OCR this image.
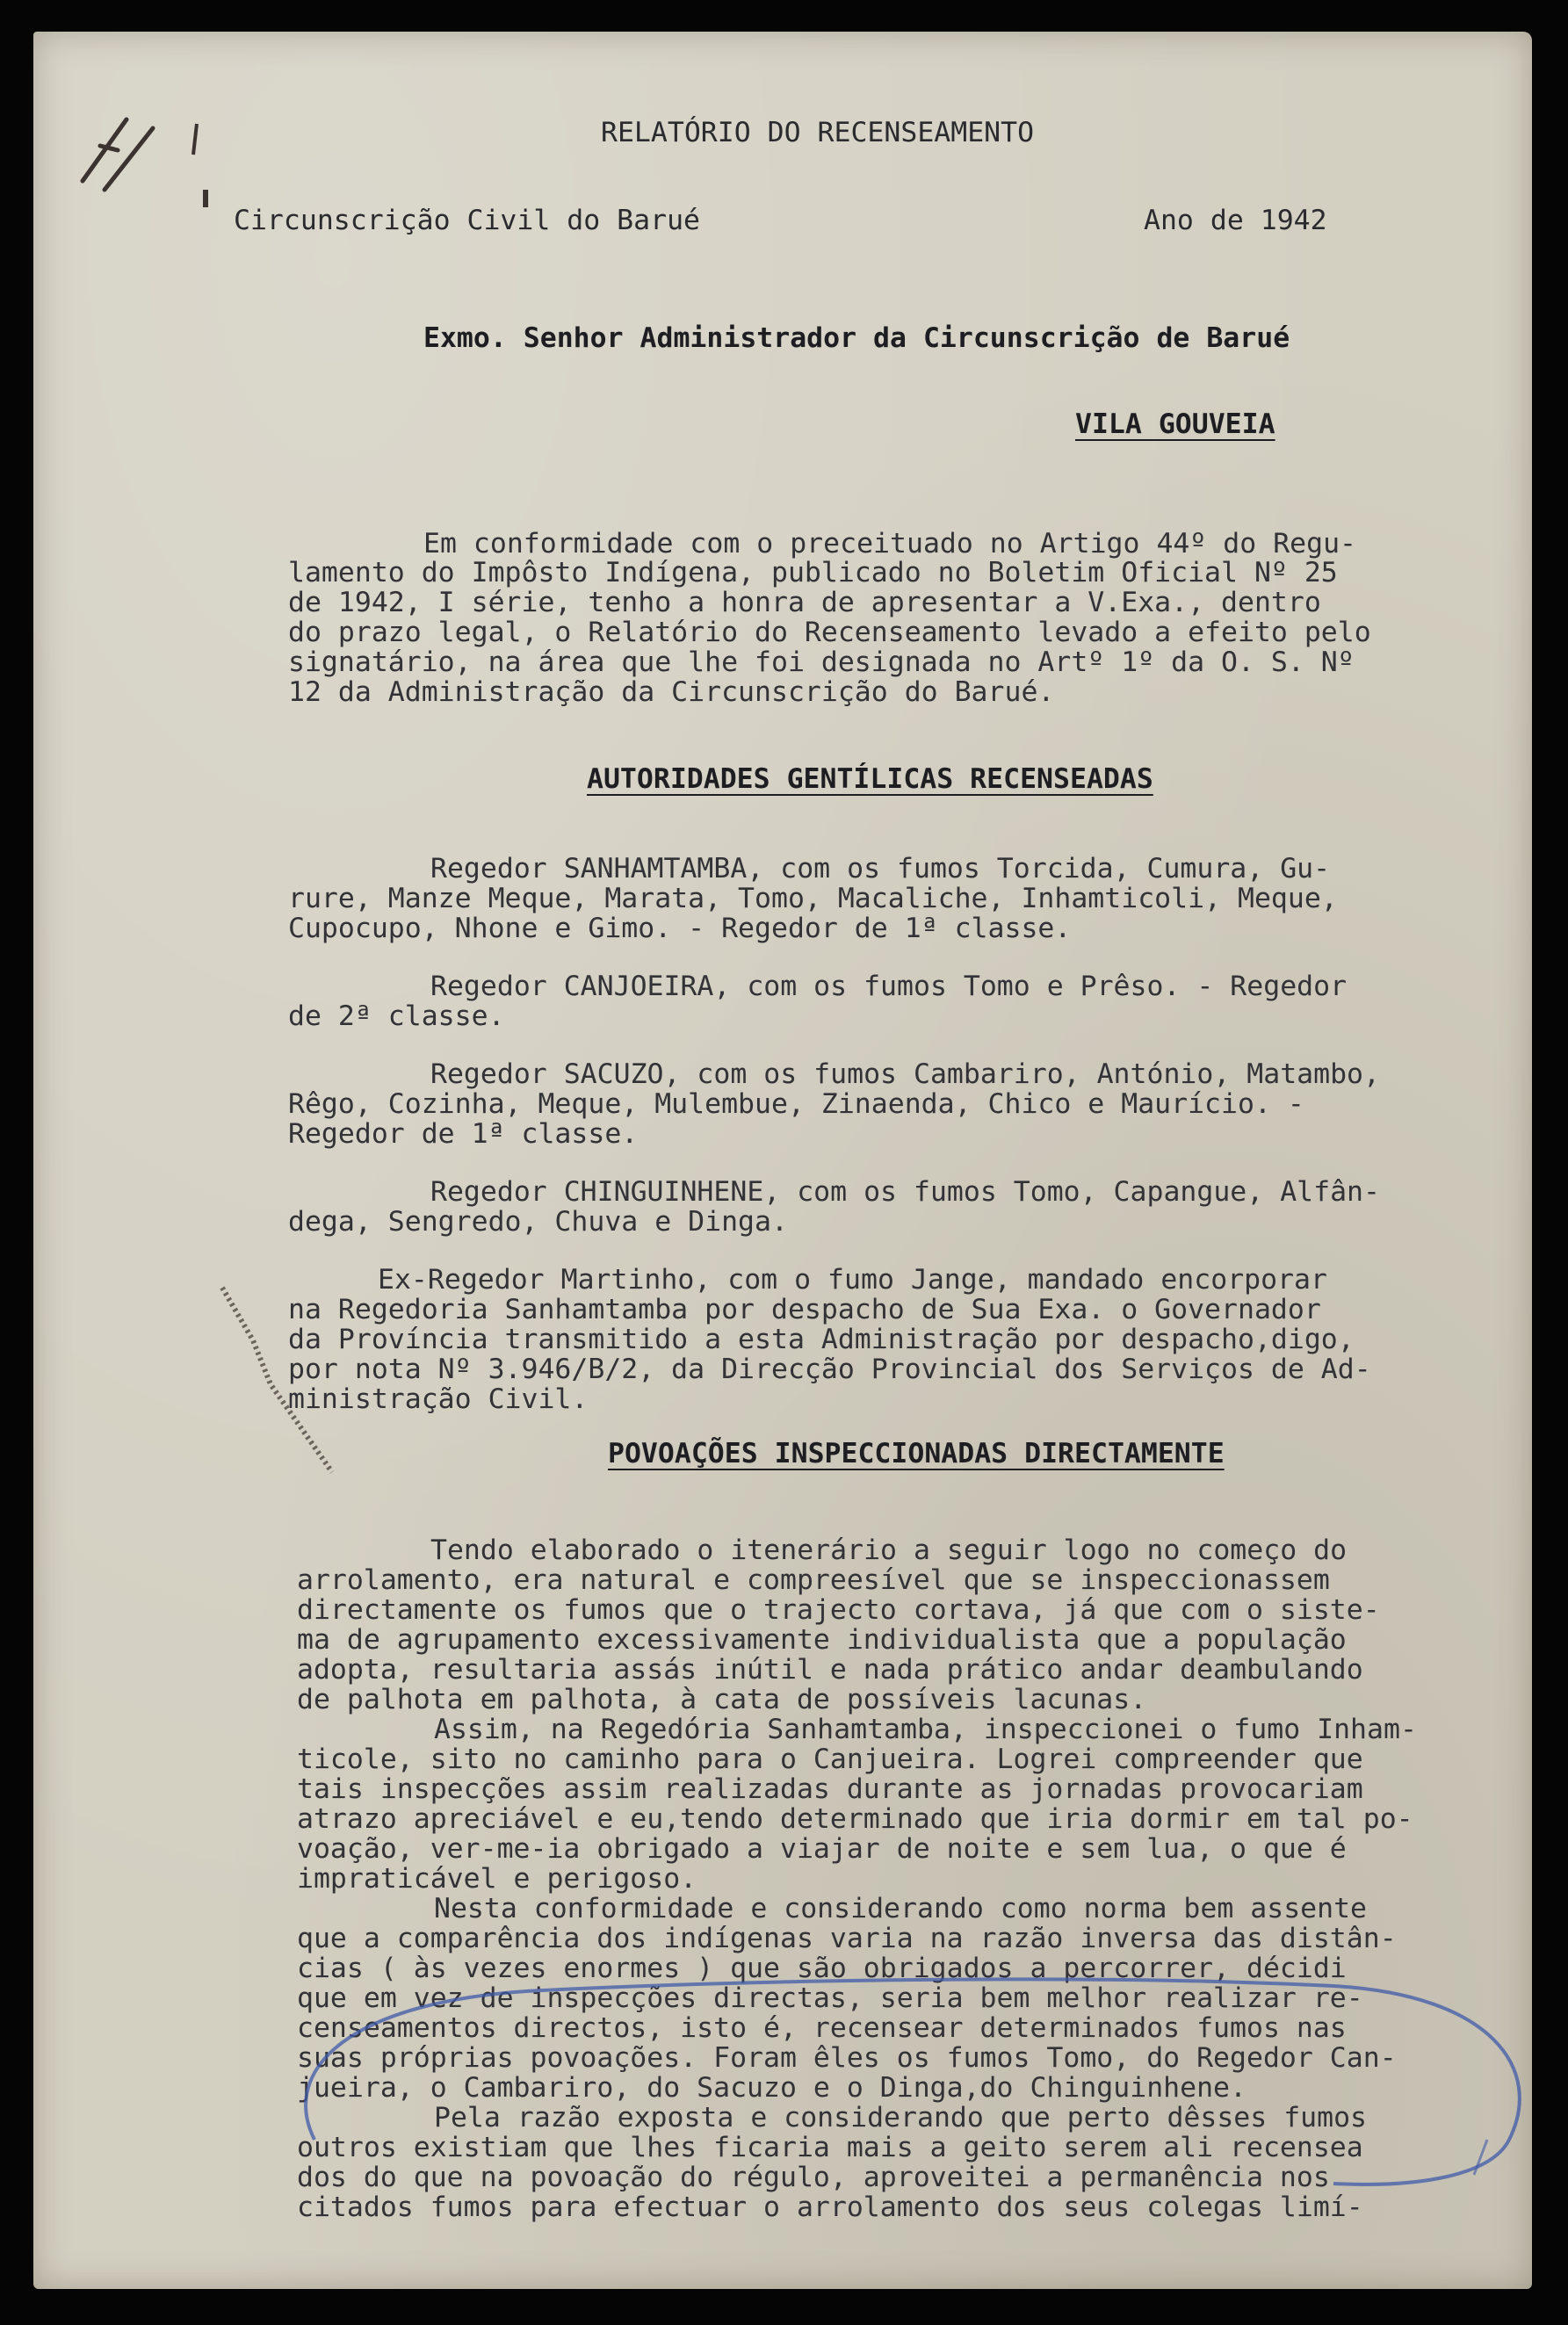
RELATÓRIO DO RECENSEAMENTO

Circunscrição Civil do Barué	Ano de 1942

Exmo. Senhor Administrador da Circunscrição de Barué

VILA GOUVEIA

Em conformidade com o preceituado no Artigo 44º do Regu-

lamento do Impôsto Indígena, publicado no Boletim Oficial Nº 25

de 1942, I série, tenho a honra de apresentar a V.Exa., dentro

do prazo legal, o Relatório do Recenseamento levado a efeito pelo

signatário, na área que lhe foi designada no Artº 1º da O. S. Nº

12 da Administração da Circunscrição do Barué.

AUTORIDADES GENTÍLICAS RECENSEADAS

Regedor SANHAMTAMBA, com os fumos Torcida, Cumura, Gu-

rure, Manze Meque, Marata, Tomo, Macaliche, Inhamticoli, Meque,

Cupocupo, Nhone e Gimo. - Regedor de 1ª classe.

Regedor CANJOEIRA, com os fumos Tomo e Prêso. - Regedor

de 2ª classe.

Regedor SACUZO, com os fumos Cambariro, António, Matambo,

Rêgo, Cozinha, Meque, Mulembue, Zinaenda, Chico e Maurício. -

Regedor de 1ª classe.

Regedor CHINGUINHENE, com os fumos Tomo, Capangue, Alfân-

dega, Sengredo, Chuva e Dinga.

Ex-Regedor Martinho, com o fumo Jange, mandado encorporar

na Regedoria Sanhamtamba por despacho de Sua Exa. o Governador

da Província transmitido a esta Administração por despacho,digo,

por nota Nº 3.946/B/2, da Direcção Provincial dos Serviços de Ad-

ministração Civil.

POVOAÇÕES INSPECCIONADAS DIRECTAMENTE

Tendo elaborado o itenerário a seguir logo no começo do

arrolamento, era natural e compreesível que se inspeccionassem

directamente os fumos que o trajecto cortava, já que com o siste-

ma de agrupamento excessivamente individualista que a população

adopta, resultaria assás inútil e nada prático andar deambulando

de palhota em palhota, à cata de possíveis lacunas.

Assim, na Regedória Sanhamtamba, inspeccionei o fumo Inham-

ticole, sito no caminho para o Canjueira. Logrei compreender que

tais inspecções assim realizadas durante as jornadas provocariam

atrazo apreciável e eu,tendo determinado que iria dormir em tal po-

voação, ver-me-ia obrigado a viajar de noite e sem lua, o que é

impraticável e perigoso.

Nesta conformidade e considerando como norma bem assente

que a comparência dos indígenas varia na razão inversa das distân-

cias ( às vezes enormes ) que são obrigados a percorrer, décidi

que em vez de inspecções directas, seria bem melhor realizar re-

censeamentos directos, isto é, recensear determinados fumos nas

suas próprias povoações. Foram êles os fumos Tomo, do Regedor Can-

jueira, o Cambariro, do Sacuzo e o Dinga,do Chinguinhene.

Pela razão exposta e considerando que perto dêsses fumos

outros existiam que lhes ficaria mais a geito serem ali recensea

dos do que na povoação do régulo, aproveitei a permanência nos

citados fumos para efectuar o arrolamento dos seus colegas limí-
